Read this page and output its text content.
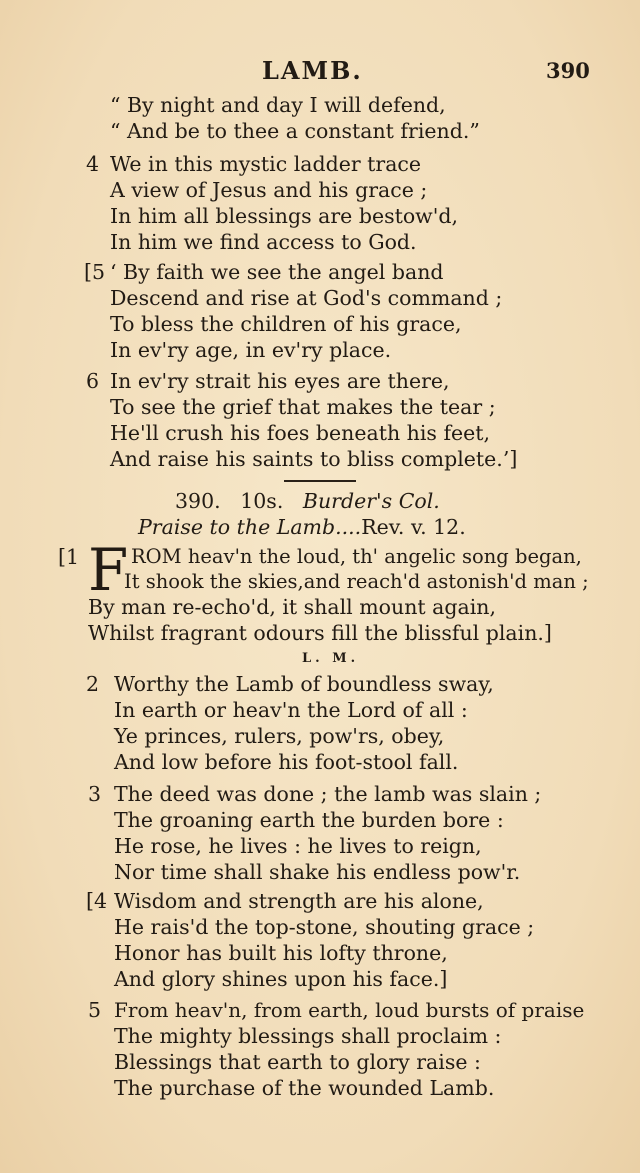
LAMB.	390
“ By night and day I will defend,
“ And be to thee a constant friend.”
4 We in this mystic ladder trace
A view of Jesus and his grace ;
In him all blessings are bestow'd,
In him we find access to God.
[5 ‘ By faith we see the angel band
Descend and rise at God's command ;
To bless the children of his grace,
In ev'ry age, in ev'ry place.
6 In ev'ry strait his eyes are there,
To see the grief that makes the tear ;
He'll crush his foes beneath his feet,
And raise his saints to bliss complete.’]
390. 10s. Burder's Col.
Praise to the Lamb....Rev. v. 12.
[1 F ROM heav'n the loud, th' angelic song began,
It shook the skies,and reach'd astonish'd man ;
By man re-echo'd, it shall mount again,
Whilst fragrant odours fill the blissful plain.]
L. M.
2 Worthy the Lamb of boundless sway,
In earth or heav'n the Lord of all :
Ye princes, rulers, pow'rs, obey,
And low before his foot-stool fall.
3 The deed was done ; the lamb was slain ;
The groaning earth the burden bore :
He rose, he lives : he lives to reign,
Nor time shall shake his endless pow'r.
[4 Wisdom and strength are his alone,
He rais'd the top-stone, shouting grace ;
Honor has built his lofty throne,
And glory shines upon his face.]
5 From heav'n, from earth, loud bursts of praise
The mighty blessings shall proclaim :
Blessings that earth to glory raise :
The purchase of the wounded Lamb.
